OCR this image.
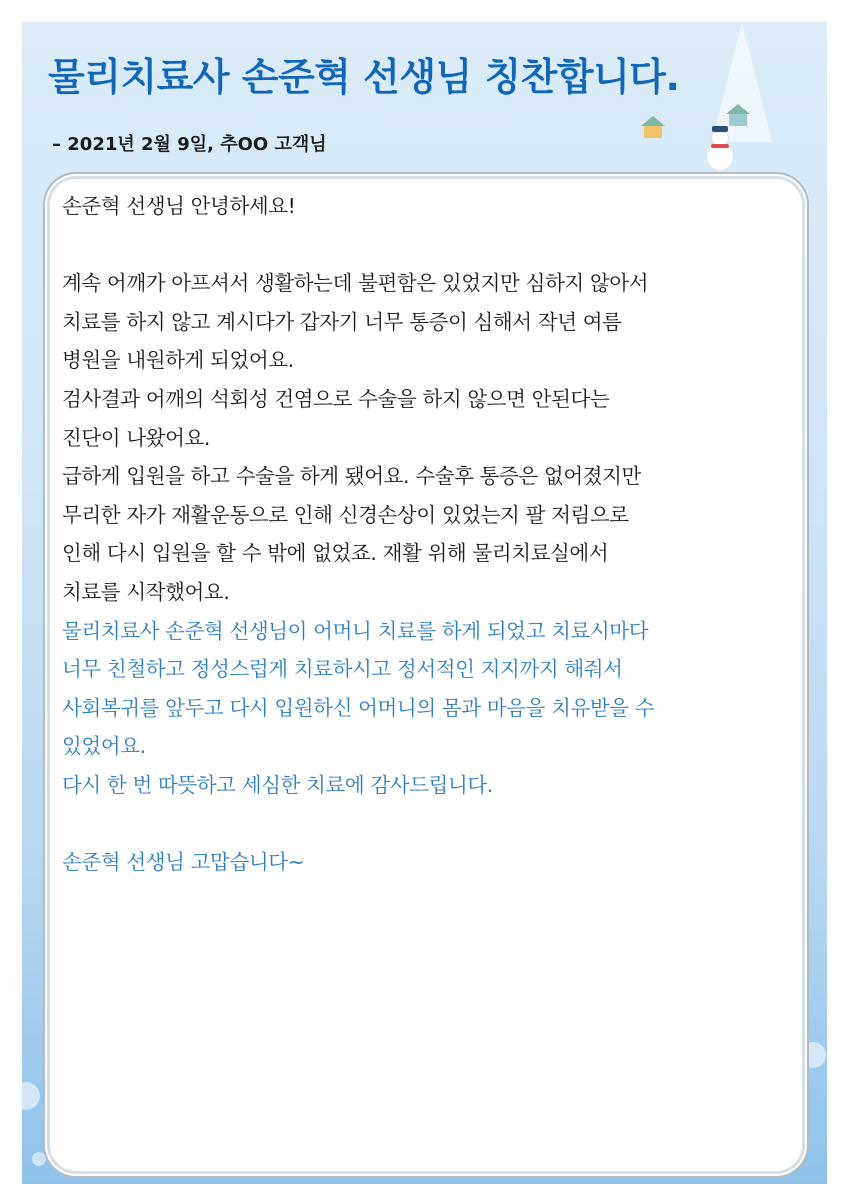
물리치료사 손준혁 선생님 칭찬합니다.
– 2021년 2월 9일, 추OO 고객님

손준혁 선생님 안녕하세요!

계속 어깨가 아프셔서 생활하는데 불편함은 있었지만 심하지 않아서

치료를 하지 않고 계시다가 갑자기 너무 통증이 심해서 작년 여름

병원을 내원하게 되었어요.

검사결과 어깨의 석회성 건염으로 수술을 하지 않으면 안된다는

진단이 나왔어요.

급하게 입원을 하고 수술을 하게 됐어요. 수술후 통증은 없어졌지만

무리한 자가 재활운동으로 인해 신경손상이 있었는지 팔 저림으로

인해 다시 입원을 할 수 밖에 없었죠. 재활 위해 물리치료실에서

치료를 시작했어요.

물리치료사 손준혁 선생님이 어머니 치료를 하게 되었고 치료시마다

너무 친철하고 정성스럽게 치료하시고 정서적인 지지까지 해줘서

사회복귀를 앞두고 다시 입원하신 어머니의 몸과 마음을 치유받을 수

있었어요.

다시 한 번 따뜻하고 세심한 치료에 감사드립니다.

손준혁 선생님 고맙습니다~
